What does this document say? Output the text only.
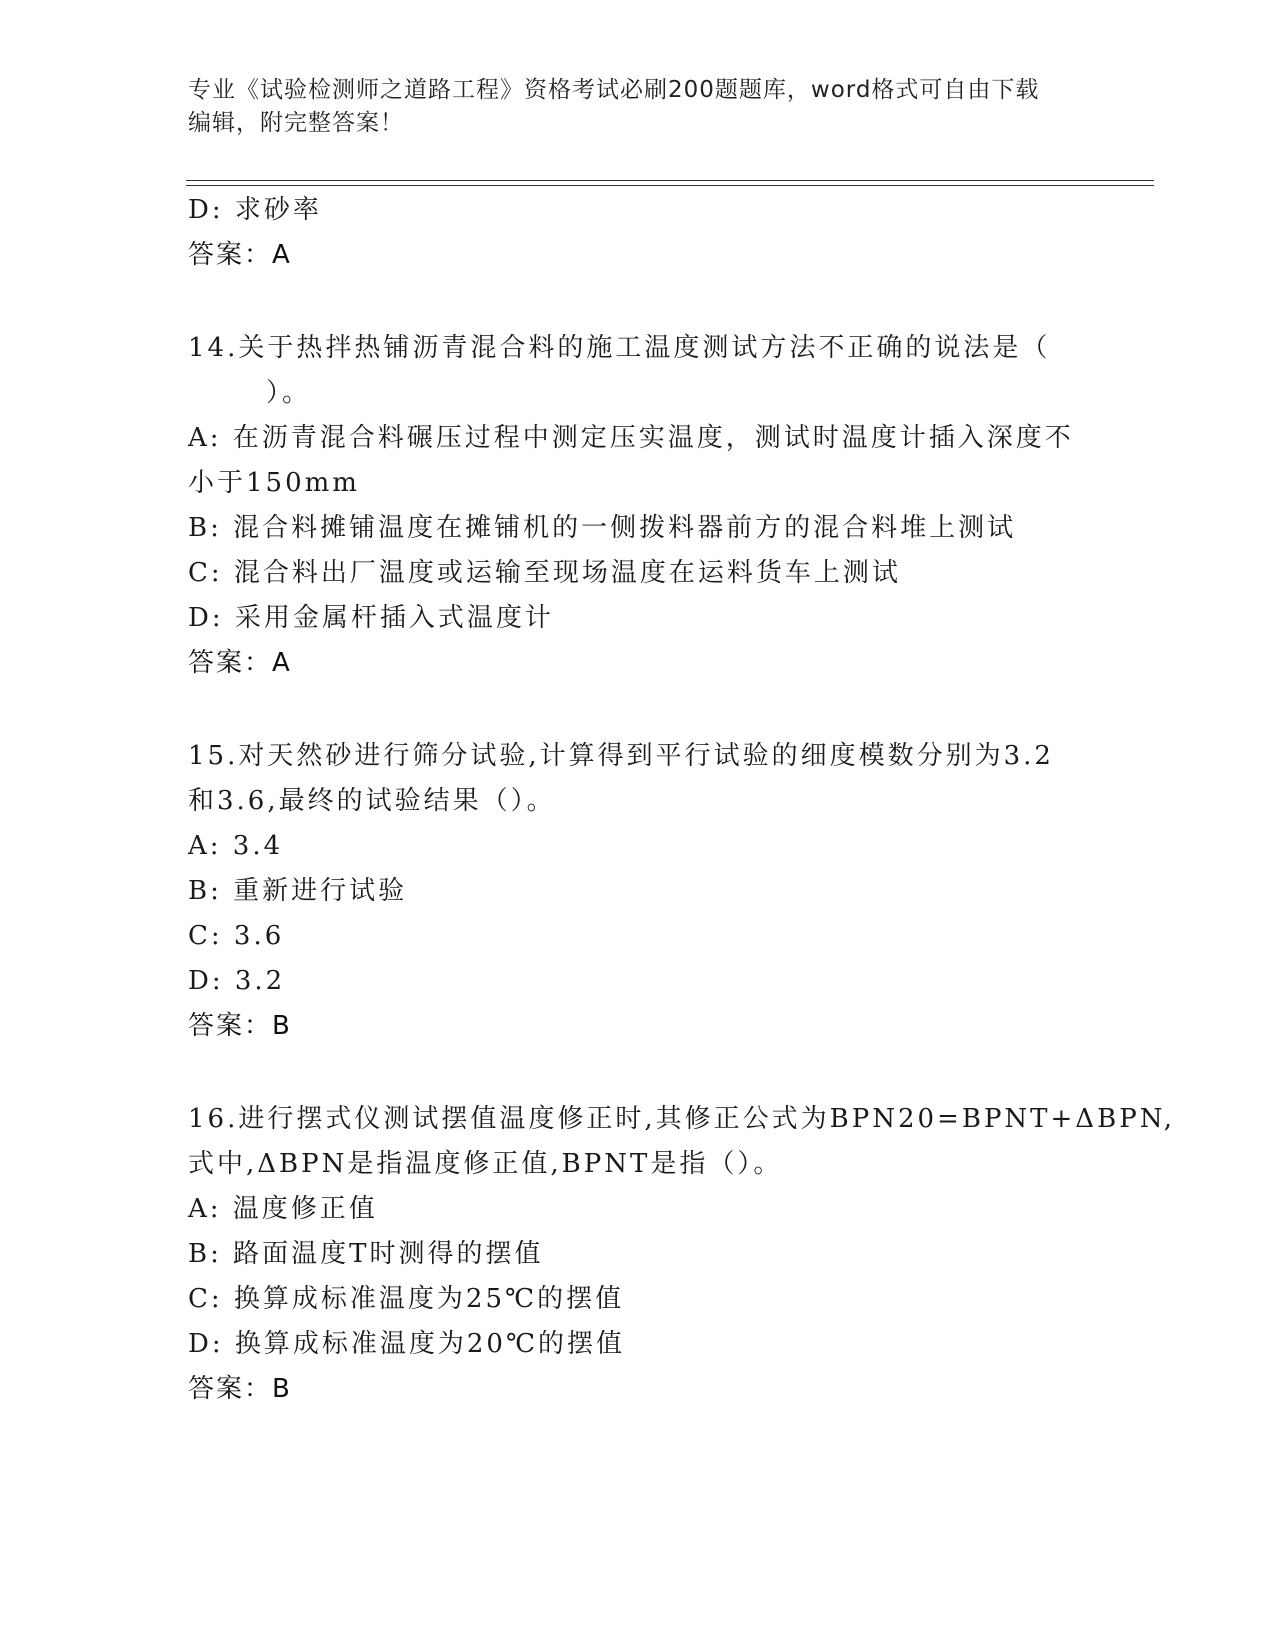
专业《试验检测师之道路工程》资格考试必刷200题题库，word格式可自由下载
编辑，附完整答案！

D: 求砂率

答案：A

14.关于热拌热铺沥青混合料的施工温度测试方法不正确的说法是（

）。

A: 在沥青混合料碾压过程中测定压实温度，测试时温度计插入深度不

小于150mm

B: 混合料摊铺温度在摊铺机的一侧拨料器前方的混合料堆上测试

C: 混合料出厂温度或运输至现场温度在运料货车上测试

D: 采用金属杆插入式温度计

答案：A

15.对天然砂进行筛分试验,计算得到平行试验的细度模数分别为3.2

和3.6,最终的试验结果（）。

A: 3.4

B: 重新进行试验

C: 3.6

D: 3.2

答案：B

16.进行摆式仪测试摆值温度修正时,其修正公式为BPN20=BPNT+ΔBPN,

式中,ΔBPN是指温度修正值,BPNT是指（）。

A: 温度修正值

B: 路面温度T时测得的摆值

C: 换算成标准温度为25℃的摆值

D: 换算成标准温度为20℃的摆值

答案：B
